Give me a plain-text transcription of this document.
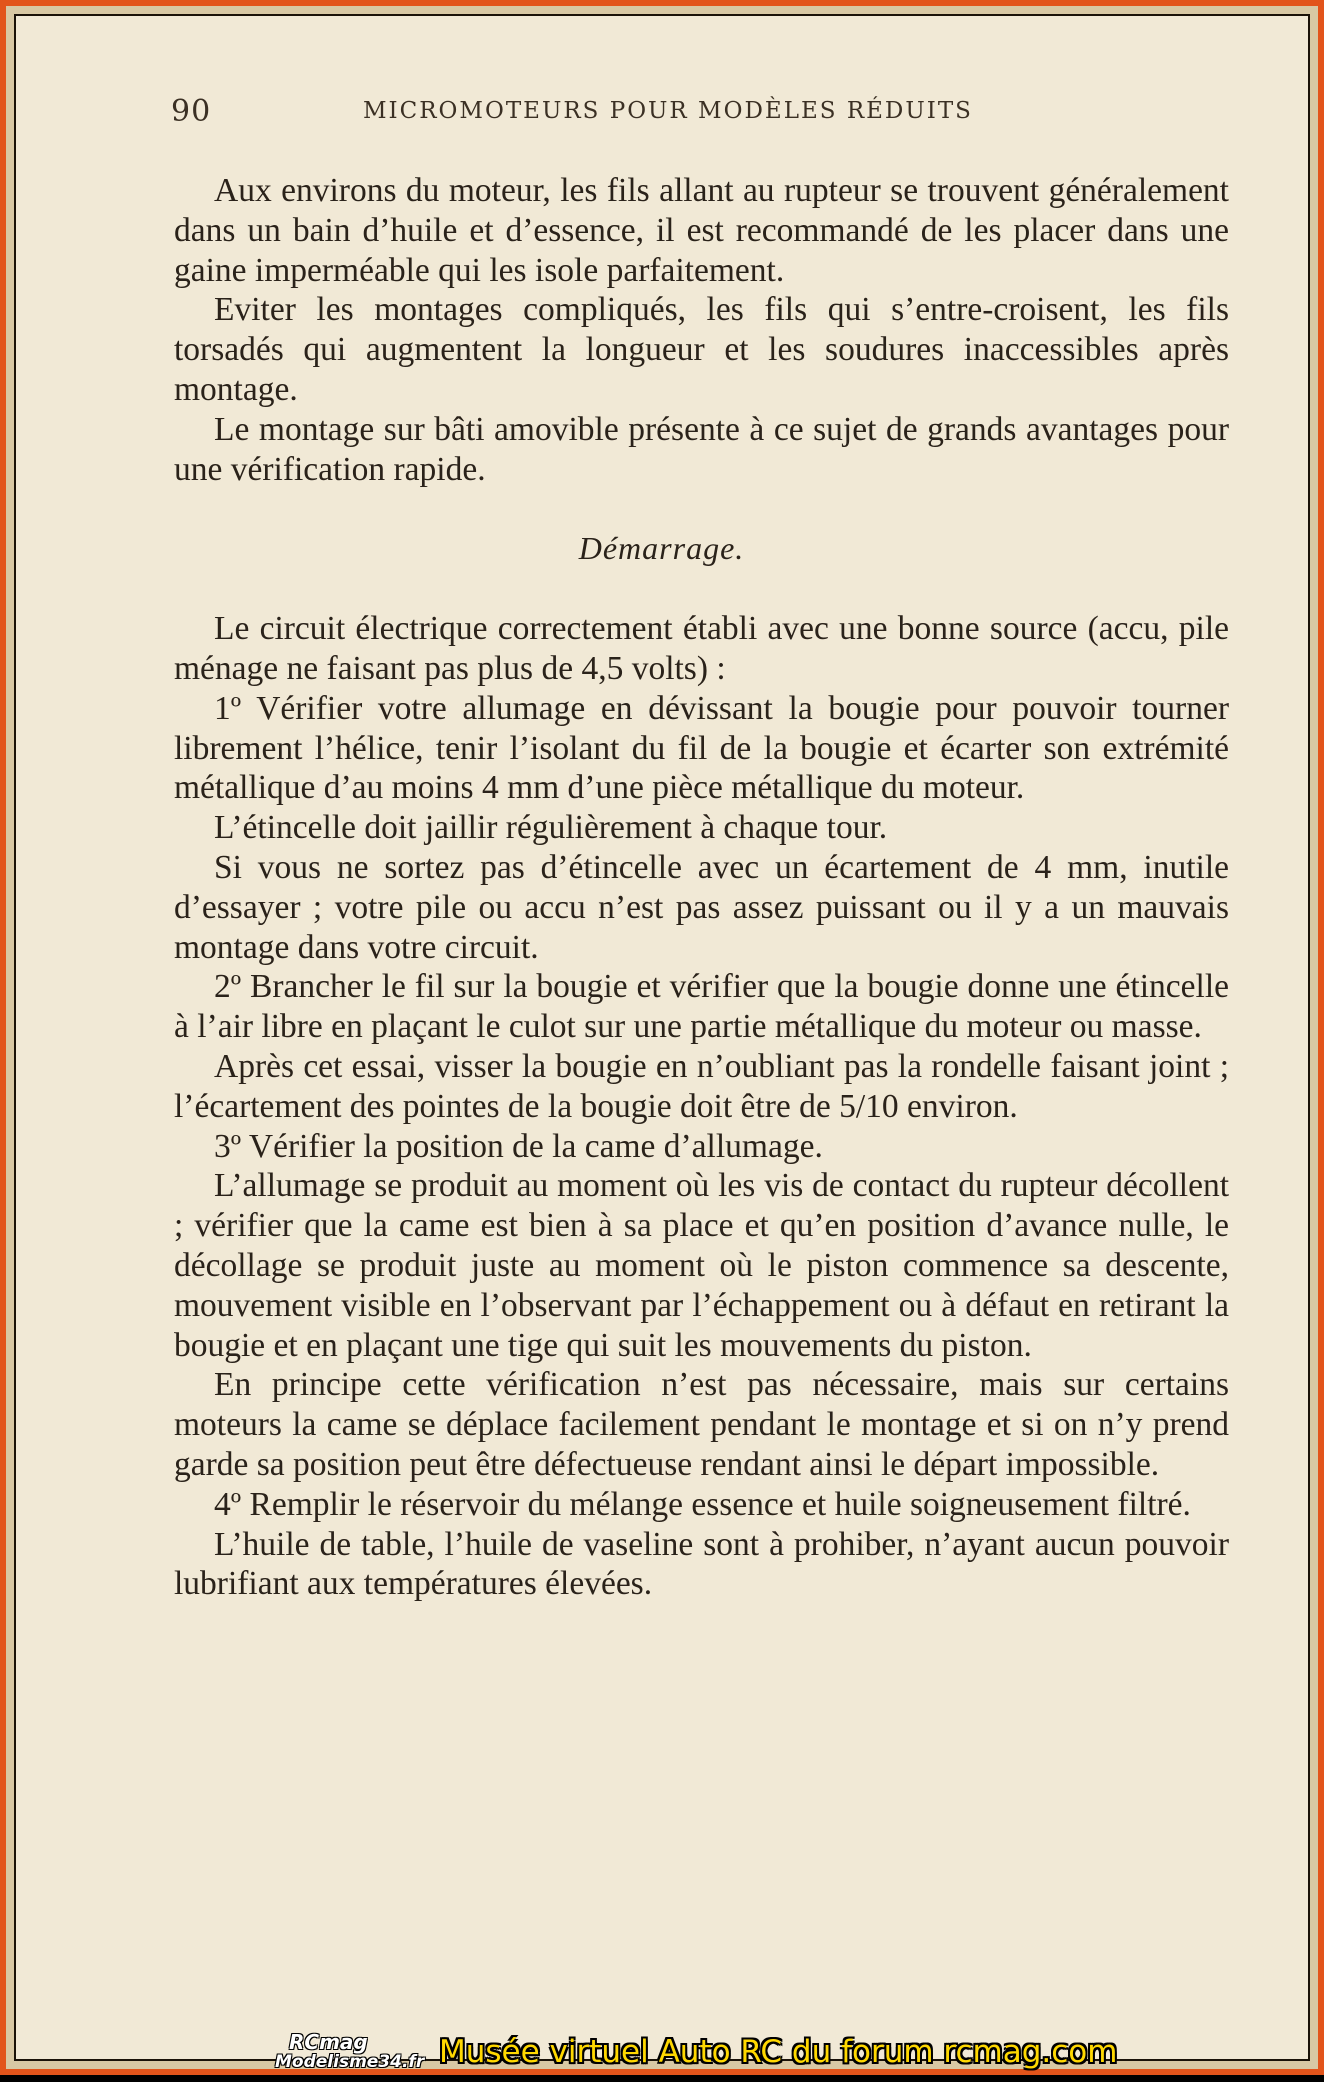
90	MICROMOTEURS POUR MODÈLES RÉDUITS

Aux environs du moteur, les fils allant au rupteur se trouvent généralement dans un bain d’huile et d’essence, il est recommandé de les placer dans une gaine imperméable qui les isole parfaitement.

Eviter les montages compliqués, les fils qui s’entre-croisent, les fils torsadés qui augmentent la longueur et les soudures inaccessibles après montage.

Le montage sur bâti amovible présente à ce sujet de grands avantages pour une vérification rapide.

Démarrage.

Le circuit électrique correctement établi avec une bonne source (accu, pile ménage ne faisant pas plus de 4,5 volts) :

1º Vérifier votre allumage en dévissant la bougie pour pouvoir tourner librement l’hélice, tenir l’isolant du fil de la bougie et écarter son extrémité métallique d’au moins 4 mm d’une pièce métallique du moteur.

L’étincelle doit jaillir régulièrement à chaque tour.

Si vous ne sortez pas d’étincelle avec un écartement de 4 mm, inutile d’essayer ; votre pile ou accu n’est pas assez puissant ou il y a un mauvais montage dans votre circuit.

2º Brancher le fil sur la bougie et vérifier que la bougie donne une étincelle à l’air libre en plaçant le culot sur une partie métallique du moteur ou masse.

Après cet essai, visser la bougie en n’oubliant pas la rondelle faisant joint ; l’écartement des pointes de la bougie doit être de 5/10 environ.

3º Vérifier la position de la came d’allumage.

L’allumage se produit au moment où les vis de contact du rupteur décollent ; vérifier que la came est bien à sa place et qu’en position d’avance nulle, le décollage se produit juste au moment où le piston commence sa descente, mouvement visible en l’observant par l’échappement ou à défaut en retirant la bougie et en plaçant une tige qui suit les mouvements du piston.

En principe cette vérification n’est pas nécessaire, mais sur certains moteurs la came se déplace facilement pendant le montage et si on n’y prend garde sa position peut être défectueuse rendant ainsi le départ impossible.

4º Remplir le réservoir du mélange essence et huile soigneusement filtré.

L’huile de table, l’huile de vaseline sont à prohiber, n’ayant aucun pouvoir lubrifiant aux températures élevées.

RCmag
Modelisme34.fr Musée virtuel Auto RC du forum rcmag.com
